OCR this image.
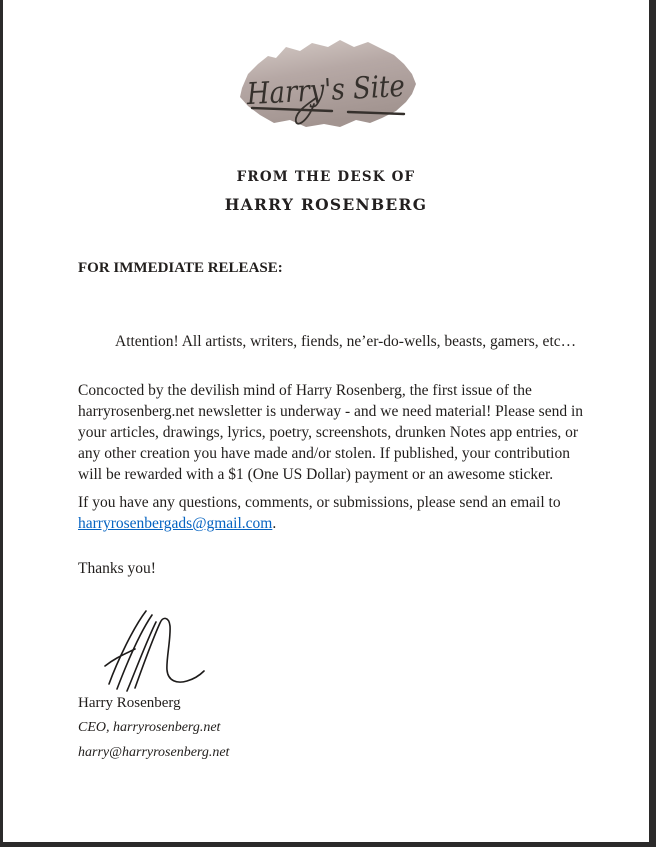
Harry's Site
FROM THE DESK OF
HARRY ROSENBERG
FOR IMMEDIATE RELEASE:
Attention! All artists, writers, fiends, ne’er-do-wells, beasts, gamers, etc…

Concocted by the devilish mind of Harry Rosenberg, the first issue of the harryrosenberg.net newsletter is underway - and we need material! Please send in your articles, drawings, lyrics, poetry, screenshots, drunken Notes app entries, or any other creation you have made and/or stolen. If published, your contribution will be rewarded with a $1 (One US Dollar) payment or an awesome sticker.

If you have any questions, comments, or submissions, please send an email to harryrosenbergads@gmail.com.

Thanks you!
Harry Rosenberg
CEO, harryrosenberg.net
harry@harryrosenberg.net
